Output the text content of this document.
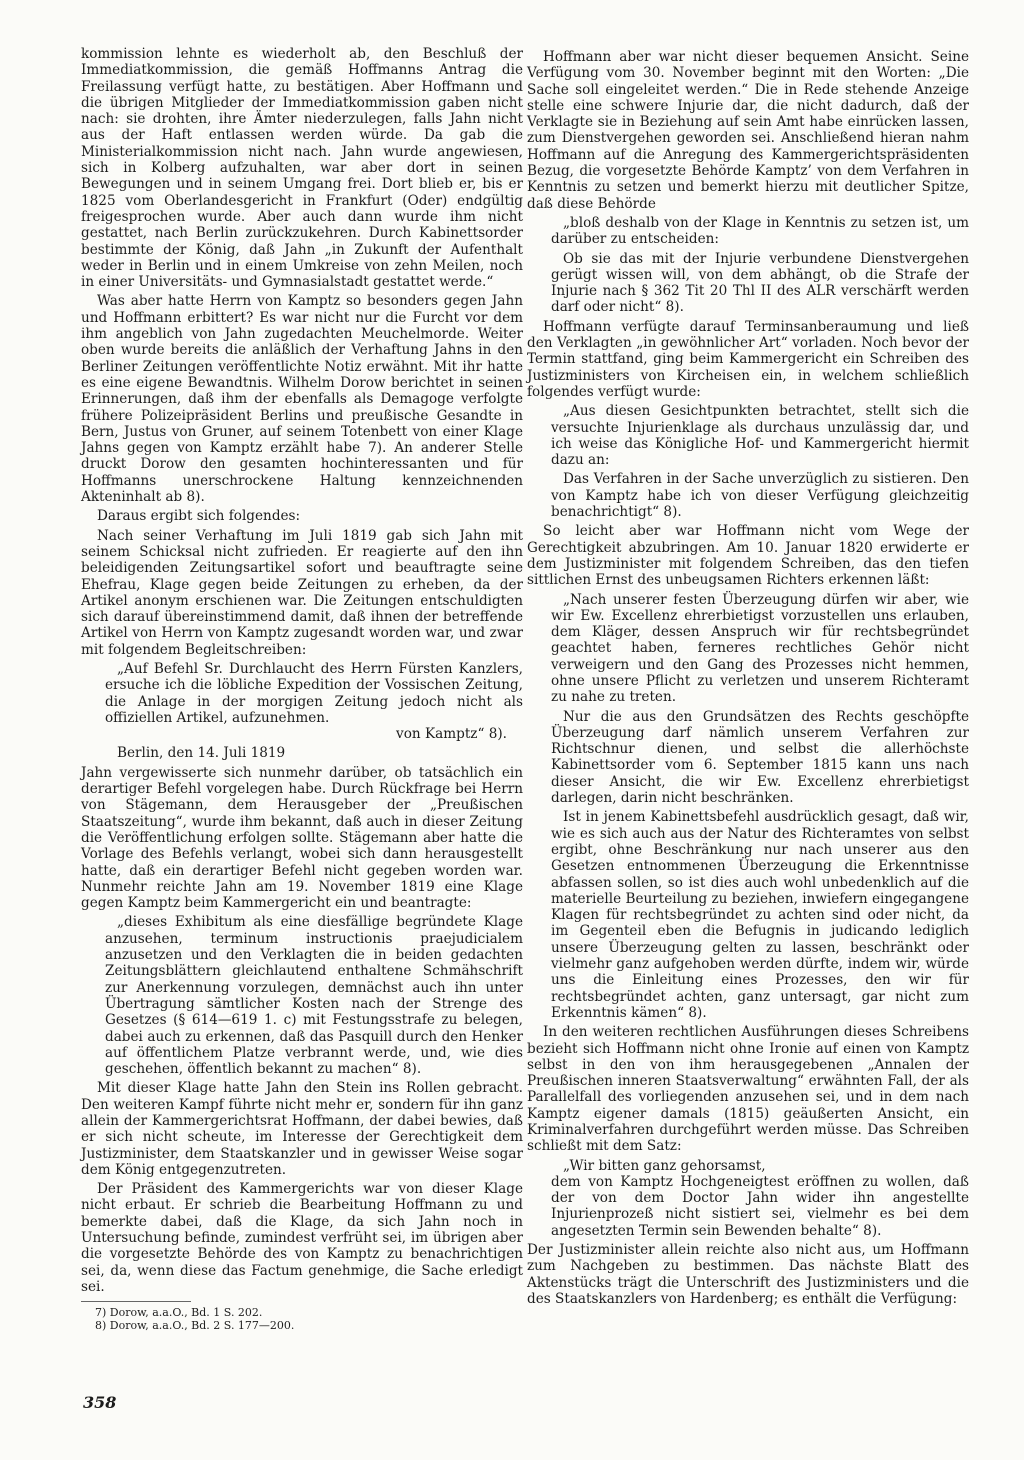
kommission lehnte es wiederholt ab, den Beschluß der Immediatkommission, die gemäß Hoffmanns Antrag die Freilassung verfügt hatte, zu bestätigen. Aber Hoffmann und die übrigen Mitglieder der Immediatkommission gaben nicht nach: sie drohten, ihre Ämter niederzulegen, falls Jahn nicht aus der Haft entlassen werden würde. Da gab die Ministerialkommission nicht nach. Jahn wurde angewiesen, sich in Kolberg aufzuhalten, war aber dort in seinen Bewegungen und in seinem Umgang frei. Dort blieb er, bis er 1825 vom Oberlandesgericht in Frankfurt (Oder) endgültig freigesprochen wurde. Aber auch dann wurde ihm nicht gestattet, nach Berlin zurückzukehren. Durch Kabinettsorder bestimmte der König, daß Jahn „in Zukunft der Aufenthalt weder in Berlin und in einem Umkreise von zehn Meilen, noch in einer Universitäts- und Gymnasialstadt gestattet werde.“

Was aber hatte Herrn von Kamptz so besonders gegen Jahn und Hoffmann erbittert? Es war nicht nur die Furcht vor dem ihm angeblich von Jahn zugedachten Meuchelmorde. Weiter oben wurde bereits die anläßlich der Verhaftung Jahns in den Berliner Zeitungen veröffentlichte Notiz erwähnt. Mit ihr hatte es eine eigene Bewandtnis. Wilhelm Dorow berichtet in seinen Erinnerungen, daß ihm der ebenfalls als Demagoge verfolgte frühere Polizeipräsident Berlins und preußische Gesandte in Bern, Justus von Gruner, auf seinem Totenbett von einer Klage Jahns gegen von Kamptz erzählt habe 7). An anderer Stelle druckt Dorow den gesamten hochinteressanten und für Hoffmanns unerschrockene Haltung kennzeichnenden Akteninhalt ab 8).

Daraus ergibt sich folgendes:

Nach seiner Verhaftung im Juli 1819 gab sich Jahn mit seinem Schicksal nicht zufrieden. Er reagierte auf den ihn beleidigenden Zeitungsartikel sofort und beauftragte seine Ehefrau, Klage gegen beide Zeitungen zu erheben, da der Artikel anonym erschienen war. Die Zeitungen entschuldigten sich darauf übereinstimmend damit, daß ihnen der betreffende Artikel von Herrn von Kamptz zugesandt worden war, und zwar mit folgendem Begleitschreiben:

„Auf Befehl Sr. Durchlaucht des Herrn Fürsten Kanzlers, ersuche ich die löbliche Expedition der Vossischen Zeitung, die Anlage in der morgigen Zeitung jedoch nicht als offiziellen Artikel, aufzunehmen.

von Kamptz“ 8).

Berlin, den 14. Juli 1819

Jahn vergewisserte sich nunmehr darüber, ob tatsächlich ein derartiger Befehl vorgelegen habe. Durch Rückfrage bei Herrn von Stägemann, dem Herausgeber der „Preußischen Staatszeitung“, wurde ihm bekannt, daß auch in dieser Zeitung die Veröffentlichung erfolgen sollte. Stägemann aber hatte die Vorlage des Befehls verlangt, wobei sich dann herausgestellt hatte, daß ein derartiger Befehl nicht gegeben worden war. Nunmehr reichte Jahn am 19. November 1819 eine Klage gegen Kamptz beim Kammergericht ein und beantragte:

„dieses Exhibitum als eine diesfällige begründete Klage anzusehen, terminum instructionis praejudicialem anzusetzen und den Verklagten die in beiden gedachten Zeitungsblättern gleichlautend enthaltene Schmähschrift zur Anerkennung vorzulegen, demnächst auch ihn unter Übertragung sämtlicher Kosten nach der Strenge des Gesetzes (§ 614—619 1. c) mit Festungsstrafe zu belegen, dabei auch zu erkennen, daß das Pasquill durch den Henker auf öffentlichem Platze verbrannt werde, und, wie dies geschehen, öffentlich bekannt zu machen“ 8).

Mit dieser Klage hatte Jahn den Stein ins Rollen gebracht. Den weiteren Kampf führte nicht mehr er, sondern für ihn ganz allein der Kammergerichtsrat Hoffmann, der dabei bewies, daß er sich nicht scheute, im Interesse der Gerechtigkeit dem Justizminister, dem Staatskanzler und in gewisser Weise sogar dem König entgegenzutreten.

Der Präsident des Kammergerichts war von dieser Klage nicht erbaut. Er schrieb die Bearbeitung Hoffmann zu und bemerkte dabei, daß die Klage, da sich Jahn noch in Untersuchung befinde, zumindest verfrüht sei, im übrigen aber die vorgesetzte Behörde des von Kamptz zu benachrichtigen sei, da, wenn diese das Factum genehmige, die Sache erledigt sei.

7) Dorow, a.a.O., Bd. 1 S. 202.

8) Dorow, a.a.O., Bd. 2 S. 177—200.

Hoffmann aber war nicht dieser bequemen Ansicht. Seine Verfügung vom 30. November beginnt mit den Worten: „Die Sache soll eingeleitet werden.“ Die in Rede stehende Anzeige stelle eine schwere Injurie dar, die nicht dadurch, daß der Verklagte sie in Beziehung auf sein Amt habe einrücken lassen, zum Dienstvergehen geworden sei. Anschließend hieran nahm Hoffmann auf die Anregung des Kammergerichtspräsidenten Bezug, die vorgesetzte Behörde Kamptz’ von dem Verfahren in Kenntnis zu setzen und bemerkt hierzu mit deutlicher Spitze, daß diese Behörde

„bloß deshalb von der Klage in Kenntnis zu setzen ist, um darüber zu entscheiden:

Ob sie das mit der Injurie verbundene Dienstvergehen gerügt wissen will, von dem abhängt, ob die Strafe der Injurie nach § 362 Tit 20 Thl II des ALR verschärft werden darf oder nicht“ 8).

Hoffmann verfügte darauf Terminsanberaumung und ließ den Verklagten „in gewöhnlicher Art“ vorladen. Noch bevor der Termin stattfand, ging beim Kammergericht ein Schreiben des Justizministers von Kircheisen ein, in welchem schließlich folgendes verfügt wurde:

„Aus diesen Gesichtpunkten betrachtet, stellt sich die versuchte Injurienklage als durchaus unzulässig dar, und ich weise das Königliche Hof- und Kammergericht hiermit dazu an:

Das Verfahren in der Sache unverzüglich zu sistieren. Den von Kamptz habe ich von dieser Verfügung gleichzeitig benachrichtigt“ 8).

So leicht aber war Hoffmann nicht vom Wege der Gerechtigkeit abzubringen. Am 10. Januar 1820 erwiderte er dem Justizminister mit folgendem Schreiben, das den tiefen sittlichen Ernst des unbeugsamen Richters erkennen läßt:

„Nach unserer festen Überzeugung dürfen wir aber, wie wir Ew. Excellenz ehrerbietigst vorzustellen uns erlauben, dem Kläger, dessen Anspruch wir für rechtsbegründet geachtet haben, ferneres rechtliches Gehör nicht verweigern und den Gang des Prozesses nicht hemmen, ohne unsere Pflicht zu verletzen und unserem Richteramt zu nahe zu treten.

Nur die aus den Grundsätzen des Rechts geschöpfte Überzeugung darf nämlich unserem Verfahren zur Richtschnur dienen, und selbst die allerhöchste Kabinettsorder vom 6. September 1815 kann uns nach dieser Ansicht, die wir Ew. Excellenz ehrerbietigst darlegen, darin nicht beschränken.

Ist in jenem Kabinettsbefehl ausdrücklich gesagt, daß wir, wie es sich auch aus der Natur des Richteramtes von selbst ergibt, ohne Beschränkung nur nach unserer aus den Gesetzen entnommenen Überzeugung die Erkenntnisse abfassen sollen, so ist dies auch wohl unbedenklich auf die materielle Beurteilung zu beziehen, inwiefern eingegangene Klagen für rechtsbegründet zu achten sind oder nicht, da im Gegenteil eben die Befugnis in judicando lediglich unsere Überzeugung gelten zu lassen, beschränkt oder vielmehr ganz aufgehoben werden dürfte, indem wir, würde uns die Einleitung eines Prozesses, den wir für rechtsbegründet achten, ganz untersagt, gar nicht zum Erkenntnis kämen“ 8).

In den weiteren rechtlichen Ausführungen dieses Schreibens bezieht sich Hoffmann nicht ohne Ironie auf einen von Kamptz selbst in den von ihm herausgegebenen „Annalen der Preußischen inneren Staatsverwaltung“ erwähnten Fall, der als Parallelfall des vorliegenden anzusehen sei, und in dem nach Kamptz eigener damals (1815) geäußerten Ansicht, ein Kriminalverfahren durchgeführt werden müsse. Das Schreiben schließt mit dem Satz:

„Wir bitten ganz gehorsamst,

dem von Kamptz Hochgeneigtest eröffnen zu wollen, daß der von dem Doctor Jahn wider ihn angestellte Injurienprozeß nicht sistiert sei, vielmehr es bei dem angesetzten Termin sein Bewenden behalte“ 8).

Der Justizminister allein reichte also nicht aus, um Hoffmann zum Nachgeben zu bestimmen. Das nächste Blatt des Aktenstücks trägt die Unterschrift des Justizministers und die des Staatskanzlers von Hardenberg; es enthält die Verfügung:

358
